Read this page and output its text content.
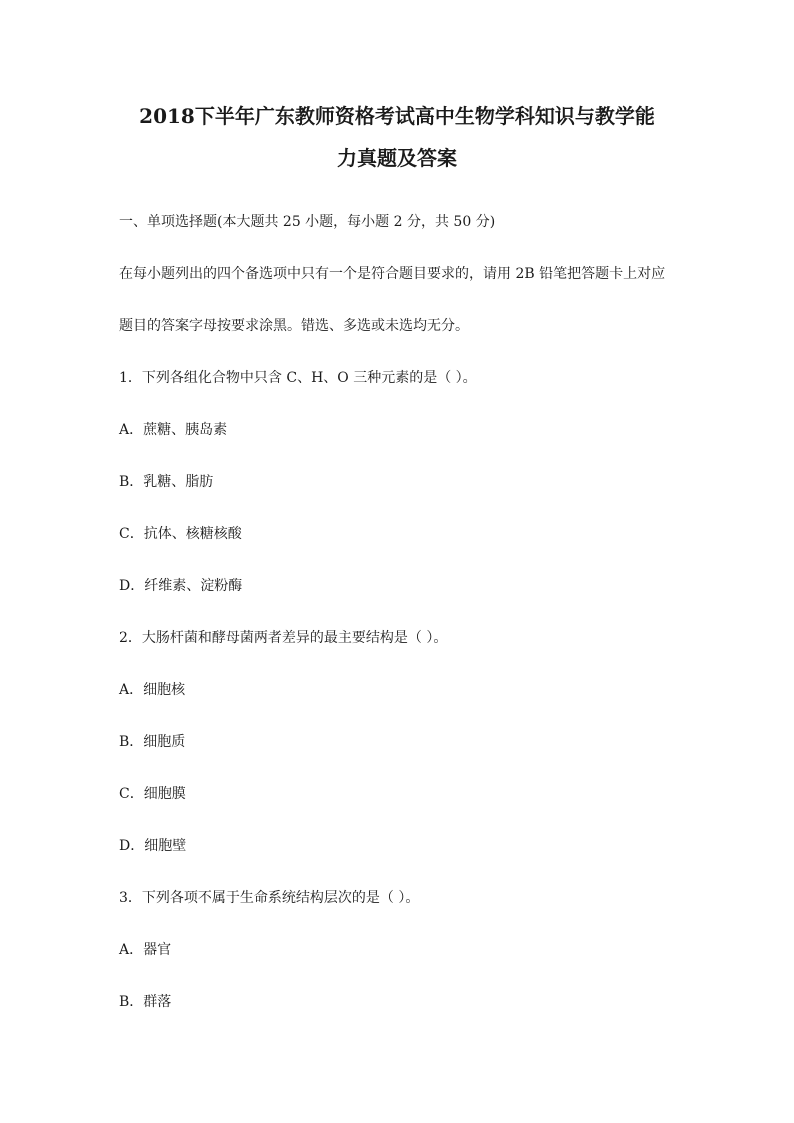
2018下半年广东教师资格考试高中生物学科知识与教学能
力真题及答案
一、单项选择题(本大题共 25 小题，每小题 2 分，共 50 分)
在每小题列出的四个备选项中只有一个是符合题目要求的，请用 2B 铅笔把答题卡上对应
题目的答案字母按要求涂黑。错选、多选或未选均无分。
1．下列各组化合物中只含 C、H、O 三种元素的是（ ）。
A．蔗糖、胰岛素
B．乳糖、脂肪
C．抗体、核糖核酸
D．纤维素、淀粉酶
2．大肠杆菌和酵母菌两者差异的最主要结构是（ ）。
A．细胞核
B．细胞质
C．细胞膜
D．细胞壁
3．下列各项不属于生命系统结构层次的是（ ）。
A．器官
B．群落
